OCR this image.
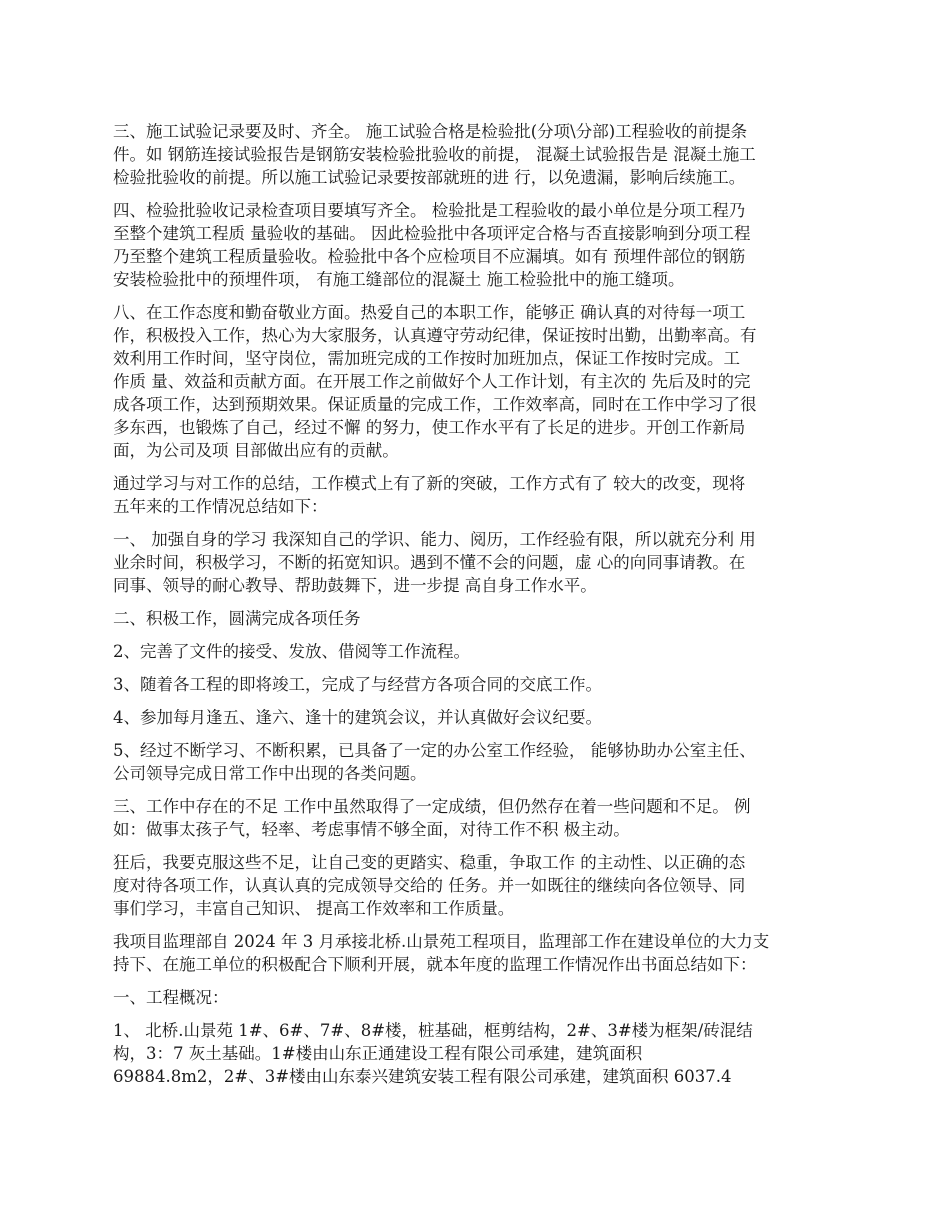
三、施工试验记录要及时、齐全。 施工试验合格是检验批(分项\分部)工程验收的前提条
件。如 钢筋连接试验报告是钢筋安装检验批验收的前提， 混凝土试验报告是 混凝土施工
检验批验收的前提。所以施工试验记录要按部就班的进 行，以免遗漏，影响后续施工。

四、检验批验收记录检查项目要填写齐全。 检验批是工程验收的最小单位是分项工程乃
至整个建筑工程质 量验收的基础。 因此检验批中各项评定合格与否直接影响到分项工程
乃至整个建筑工程质量验收。检验批中各个应检项目不应漏填。如有 预埋件部位的钢筋
安装检验批中的预埋件项， 有施工缝部位的混凝土 施工检验批中的施工缝项。

八、在工作态度和勤奋敬业方面。热爱自己的本职工作，能够正 确认真的对待每一项工
作，积极投入工作，热心为大家服务，认真遵守劳动纪律，保证按时出勤，出勤率高。有
效利用工作时间，坚守岗位，需加班完成的工作按时加班加点，保证工作按时完成。工
作质 量、效益和贡献方面。在开展工作之前做好个人工作计划，有主次的 先后及时的完
成各项工作，达到预期效果。保证质量的完成工作，工作效率高，同时在工作中学习了很
多东西，也锻炼了自己，经过不懈 的努力，使工作水平有了长足的进步。开创工作新局
面，为公司及项 目部做出应有的贡献。

通过学习与对工作的总结，工作模式上有了新的突破，工作方式有了 较大的改变，现将
五年来的工作情况总结如下：

一、 加强自身的学习 我深知自己的学识、能力、阅历，工作经验有限，所以就充分利 用
业余时间，积极学习，不断的拓宽知识。遇到不懂不会的问题，虚 心的向同事请教。在
同事、领导的耐心教导、帮助鼓舞下，进一步提 高自身工作水平。

二、积极工作，圆满完成各项任务

2、完善了文件的接受、发放、借阅等工作流程。

3、随着各工程的即将竣工，完成了与经营方各项合同的交底工作。

4、参加每月逢五、逢六、逢十的建筑会议，并认真做好会议纪要。

5、经过不断学习、不断积累，已具备了一定的办公室工作经验， 能够协助办公室主任、
公司领导完成日常工作中出现的各类问题。

三、工作中存在的不足 工作中虽然取得了一定成绩，但仍然存在着一些问题和不足。 例
如：做事太孩子气，轻率、考虑事情不够全面，对待工作不积 极主动。

狂后，我要克服这些不足，让自己变的更踏实、稳重，争取工作 的主动性、以正确的态
度对待各项工作，认真认真的完成领导交给的 任务。并一如既往的继续向各位领导、同
事们学习，丰富自己知识、 提高工作效率和工作质量。

我项目监理部自 2024 年 3 月承接北桥.山景苑工程项目，监理部工作在建设单位的大力支
持下、在施工单位的积极配合下顺利开展，就本年度的监理工作情况作出书面总结如下：

一、工程概况：

1、 北桥.山景苑 1#、6#、7#、8#楼，桩基础，框剪结构，2#、3#楼为框架/砖混结
构，3：7 灰土基础。1#楼由山东正通建设工程有限公司承建，建筑面积
69884.8m2，2#、3#楼由山东泰兴建筑安装工程有限公司承建，建筑面积 6037.4
